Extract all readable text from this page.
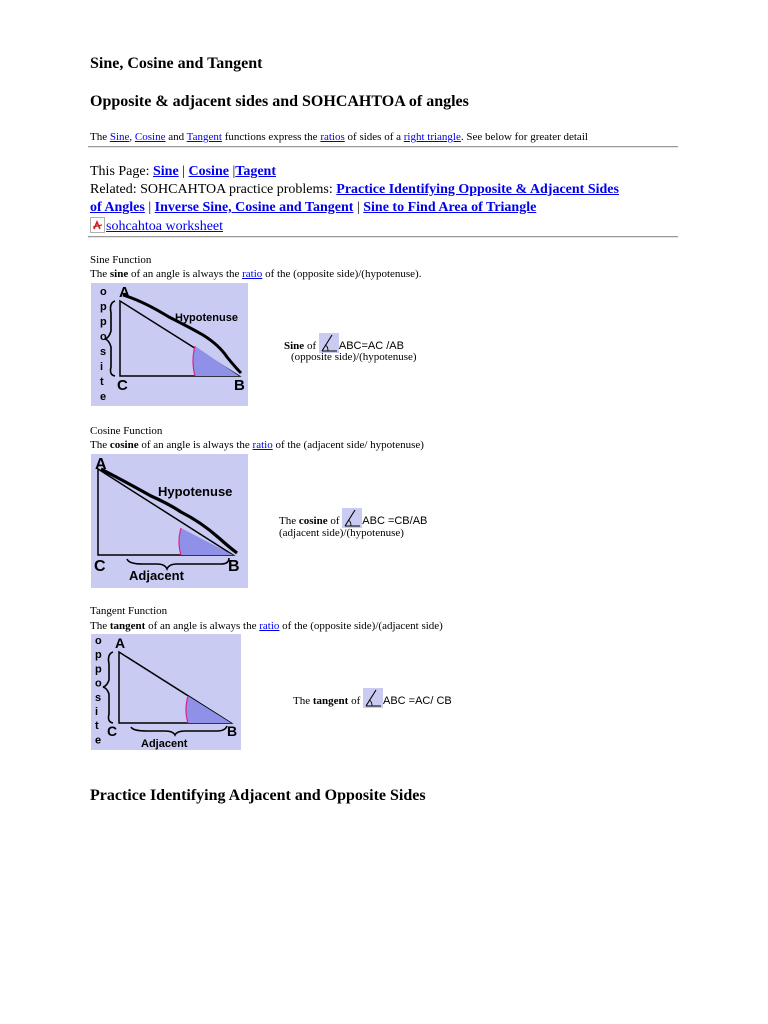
Sine, Cosine and Tangent
Opposite & adjacent sides and SOHCAHTOA of angles
The Sine, Cosine and Tangent functions express the ratios of sides of a right triangle. See below for greater detail
This Page: Sine | Cosine |Tagent
Related: SOHCAHTOA practice problems: Practice Identifying Opposite & Adjacent Sides
of Angles | Inverse Sine, Cosine and Tangent | Sine to Find Area of Triangle
sohcahtoa worksheet
Sine Function
The sine of an angle is always the ratio of the (opposite side)/(hypotenuse).
A
C	B
Hypotenuse
o
p
p
o
s
i
t
e
Sine of ABC=AC /AB
(opposite side)/(hypotenuse)
Cosine Function
The cosine of an angle is always the ratio of the (adjacent side/ hypotenuse)
A
C	B
Hypotenuse
Adjacent
The cosine of ABC =CB/AB
(adjacent side)/(hypotenuse)
Tangent Function
The tangent of an angle is always the ratio of the (opposite side)/(adjacent side)
A
C	B
Adjacent
o
p
p
o
s
i
t
e
The tangent of ABC =AC/ CB
Practice Identifying Adjacent and Opposite Sides
